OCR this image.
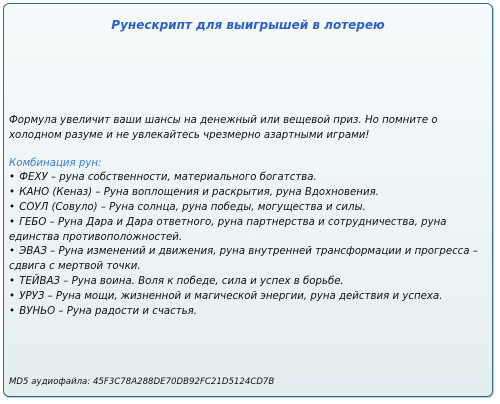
Рунескрипт для выигрышей в лотерею

Формула увеличит ваши шансы на денежный или вещевой приз. Но помните о холодном разуме и не увлекайтесь чрезмерно азартными играми!

Комбинация рун:

• ФЕХУ – руна собственности, материального богатства.
• КАНО (Кеназ) – Руна воплощения и раскрытия, руна Вдохновения.
• СОУЛ (Совуло) – Руна солнца, руна победы, могущества и силы.
• ГЕБО – Руна Дара и Дара ответного, руна партнерства и сотрудничества, руна единства противоположностей.
• ЭВАЗ – Руна изменений и движения, руна внутренней трансформации и прогресса – сдвига с мертвой точки.
• ТЕЙВАЗ – Руна воина. Воля к победе, сила и успех в борьбе.
• УРУЗ – Руна мощи, жизненной и магической энергии, руна действия и успеха.
• ВУНЬО – Руна радости и счастья.
MD5 аудиофайла: 45F3C78A288DE70DB92FC21D5124CD7B
